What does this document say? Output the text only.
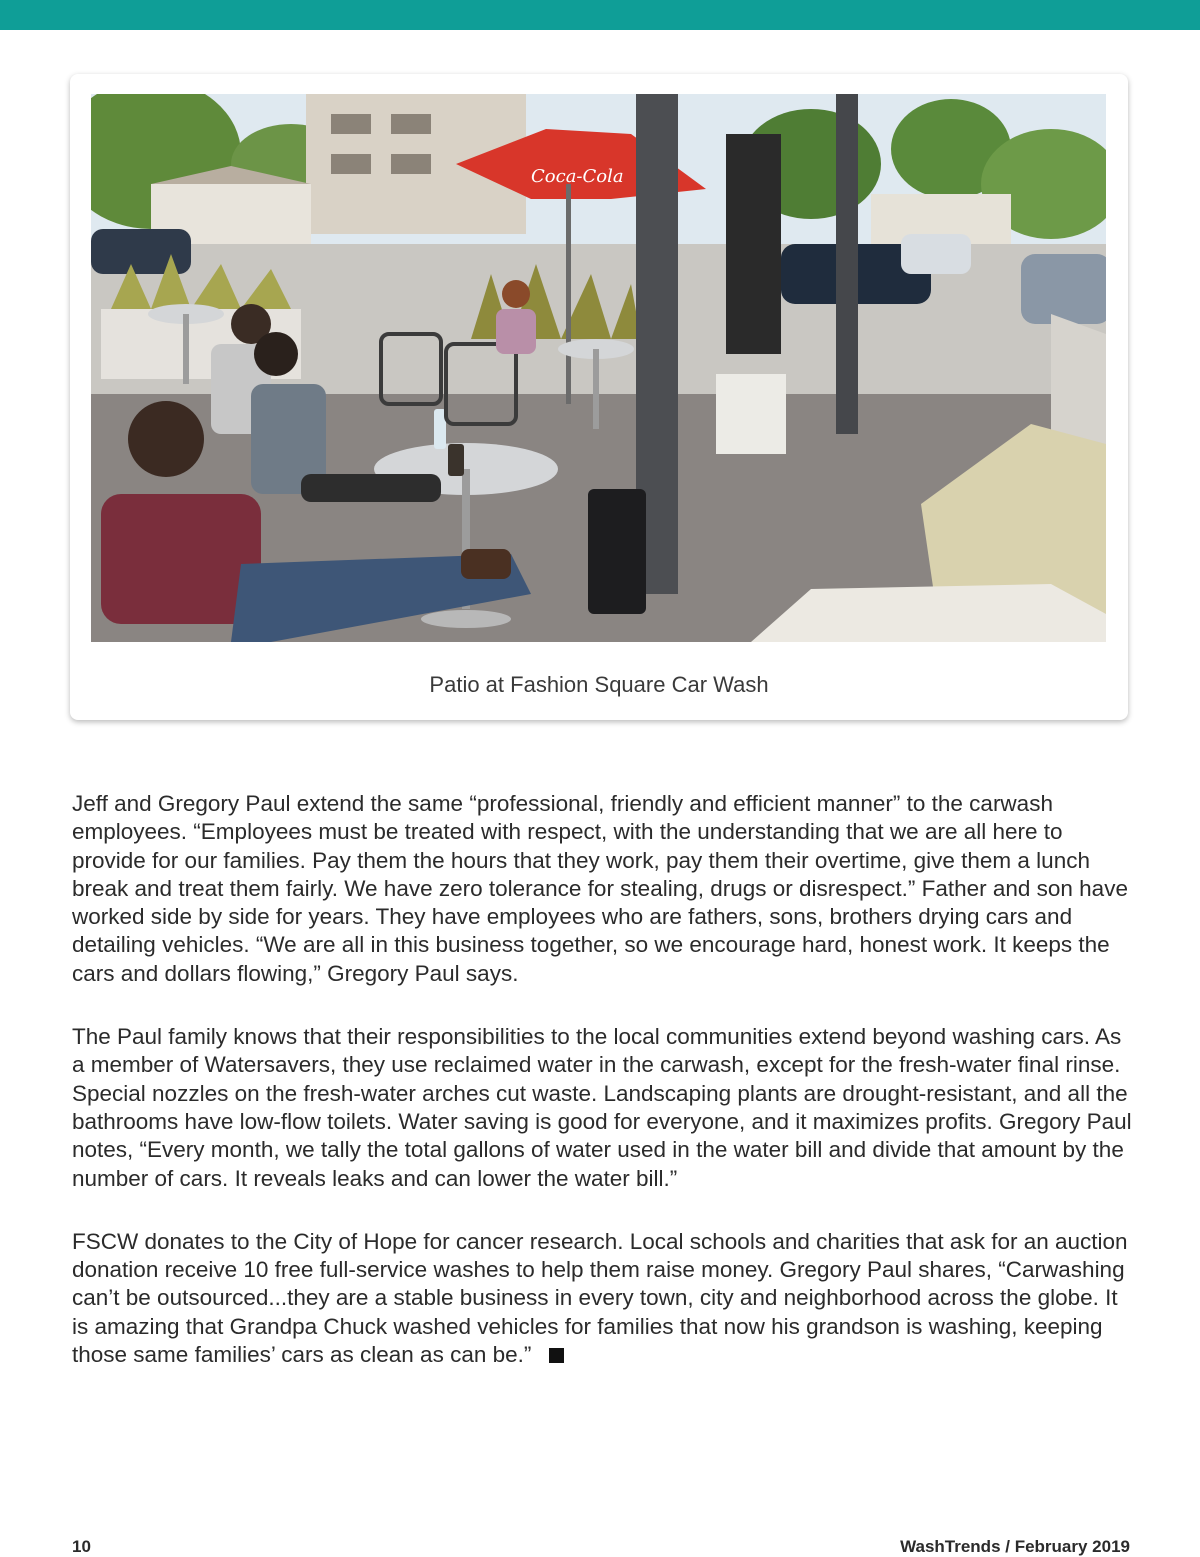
Coca-Cola
Patio at Fashion Square Car Wash

Jeff and Gregory Paul extend the same “professional, friendly and efficient manner” to the carwash employees. “Employees must be treated with respect, with the understanding that we are all here to provide for our families. Pay them the hours that they work, pay them their overtime, give them a lunch break and treat them fairly. We have zero tolerance for stealing, drugs or disrespect.” Father and son have worked side by side for years. They have employees who are fathers, sons, brothers drying cars and detailing vehicles. “We are all in this business together, so we encourage hard, honest work. It keeps the cars and dollars flowing,” Gregory Paul says.

The Paul family knows that their responsibilities to the local communities extend beyond washing cars. As a member of Watersavers, they use reclaimed water in the carwash, except for the fresh-water final rinse. Special nozzles on the fresh-water arches cut waste. Landscaping plants are drought-resistant, and all the bathrooms have low-flow toilets. Water saving is good for everyone, and it maximizes profits. Gregory Paul notes, “Every month, we tally the total gallons of water used in the water bill and divide that amount by the number of cars. It reveals leaks and can lower the water bill.”

FSCW donates to the City of Hope for cancer research. Local schools and charities that ask for an auction donation receive 10 free full-service washes to help them raise money. Gregory Paul shares, “Carwashing can’t be outsourced...they are a stable business in every town, city and neighborhood across the globe. It is amazing that Grandpa Chuck washed vehicles for families that now his grandson is washing, keeping those same families’ cars as clean as can be.”

10	WashTrends / February 2019
